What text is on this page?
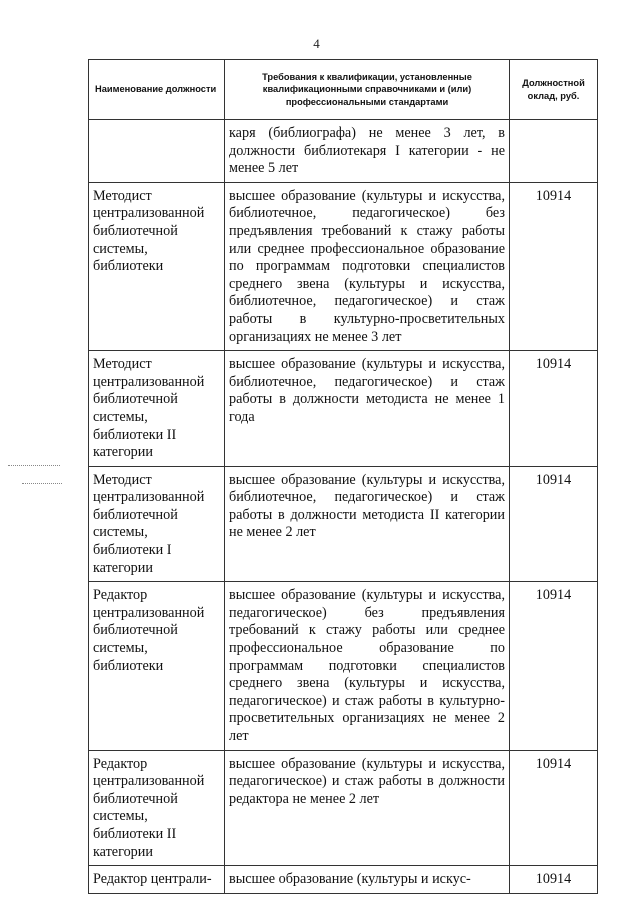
4
Наименование должности	Требования к квалификации, установленные квалификационными справочниками и (или) профессиональными стандартами	Должностной оклад, руб.
	каря (библиографа) не менее 3 лет, в должности библиотекаря I категории - не менее 5 лет	
Методист централизованной библиотечной системы, библиотеки	высшее образование (культуры и искусства, библиотечное, педагогическое) без предъявления требований к стажу работы или среднее профессиональное образование по программам подготовки специалистов среднего звена (культуры и искусства, библиотечное, педагогическое) и стаж работы в культурно-просветительных организациях не менее 3 лет	10914
Методист централизованной библиотечной системы, библиотеки II категории	высшее образование (культуры и искусства, библиотечное, педагогическое) и стаж работы в должности методиста не менее 1 года	10914
Методист централизованной библиотечной системы, библиотеки I категории	высшее образование (культуры и искусства, библиотечное, педагогическое) и стаж работы в должности методиста II категории не менее 2 лет	10914
Редактор централизованной библиотечной системы, библиотеки	высшее образование (культуры и искусства, педагогическое) без предъявления требований к стажу работы или среднее профессиональное образование по программам подготовки специалистов среднего звена (культуры и искусства, педагогическое) и стаж работы в культурно-просветительных организациях не менее 2 лет	10914
Редактор централизованной библиотечной системы, библиотеки II категории	высшее образование (культуры и искусства, педагогическое) и стаж работы в должности редактора не менее 2 лет	10914
Редактор централи-	высшее образование (культуры и искус-	10914
